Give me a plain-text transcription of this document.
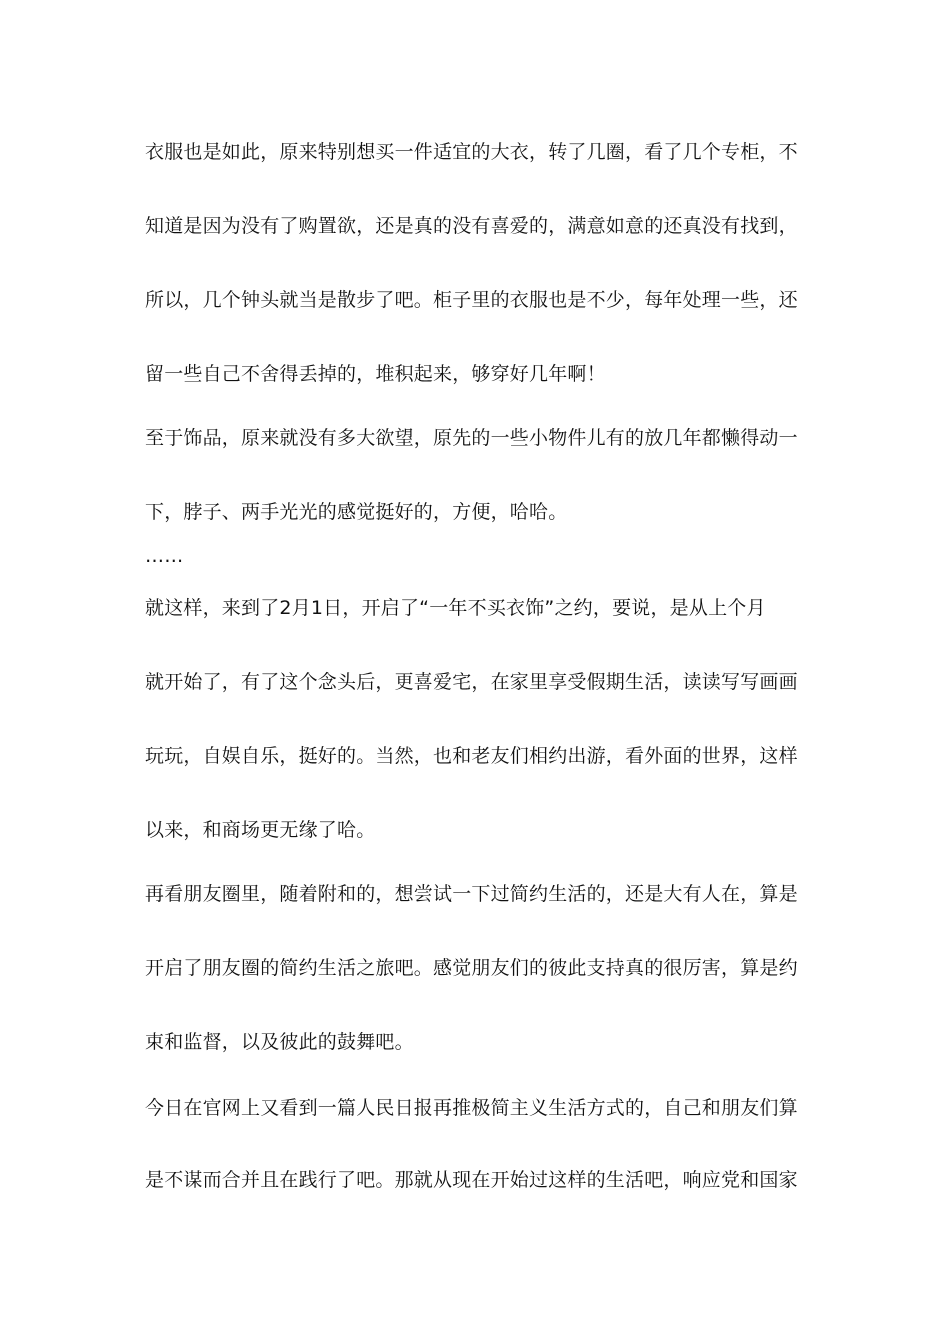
衣服也是如此，原来特别想买一件适宜的大衣，转了几圈，看了几个专柜，不
知道是因为没有了购置欲，还是真的没有喜爱的，满意如意的还真没有找到，
所以，几个钟头就当是散步了吧。柜子里的衣服也是不少，每年处理一些，还
留一些自己不舍得丢掉的，堆积起来，够穿好几年啊！
至于饰品，原来就没有多大欲望，原先的一些小物件儿有的放几年都懒得动一
下，脖子、两手光光的感觉挺好的，方便，哈哈。
……
就这样，来到了2月1日，开启了“一年不买衣饰”之约，要说，是从上个月
就开始了，有了这个念头后，更喜爱宅，在家里享受假期生活，读读写写画画
玩玩，自娱自乐，挺好的。当然，也和老友们相约出游，看外面的世界，这样
以来，和商场更无缘了哈。
再看朋友圈里，随着附和的，想尝试一下过简约生活的，还是大有人在，算是
开启了朋友圈的简约生活之旅吧。感觉朋友们的彼此支持真的很厉害，算是约
束和监督，以及彼此的鼓舞吧。
今日在官网上又看到一篇人民日报再推极简主义生活方式的，自己和朋友们算
是不谋而合并且在践行了吧。那就从现在开始过这样的生活吧，响应党和国家
